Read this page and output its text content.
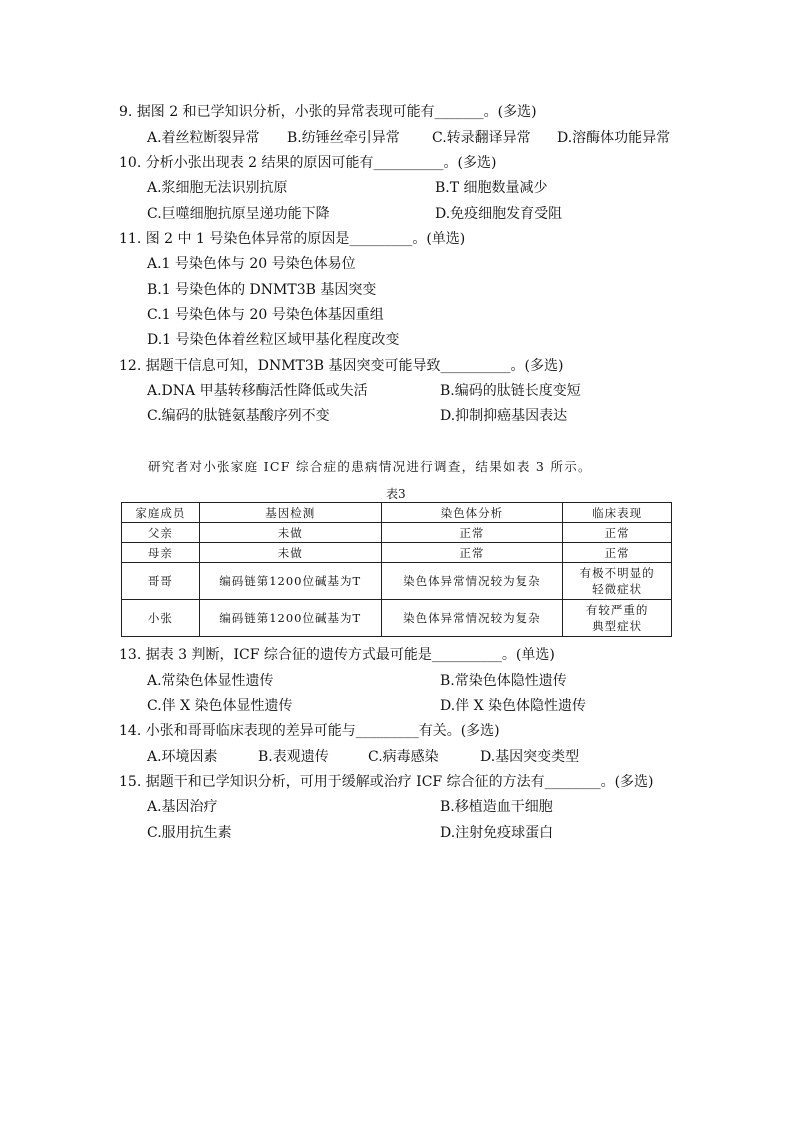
9. 据图 2 和已学知识分析，小张的异常表现可能有_______。(多选)
A.着丝粒断裂异常 B.纺锤丝牵引异常 C.转录翻译异常 D.溶酶体功能异常
10. 分析小张出现表 2 结果的原因可能有__________。(多选)
A.浆细胞无法识别抗原	B.T 细胞数量减少
C.巨噬细胞抗原呈递功能下降	D.免疫细胞发育受阻
11. 图 2 中 1 号染色体异常的原因是_________。(单选)
A.1 号染色体与 20 号染色体易位
B.1 号染色体的 DNMT3B 基因突变
C.1 号染色体与 20 号染色体基因重组
D.1 号染色体着丝粒区域甲基化程度改变
12. 据题干信息可知，DNMT3B 基因突变可能导致__________。(多选)
A.DNA 甲基转移酶活性降低或失活	B.编码的肽链长度变短
C.编码的肽链氨基酸序列不变	D.抑制抑癌基因表达
研究者对小张家庭 ICF 综合症的患病情况进行调查，结果如表 3 所示。
表3
家庭成员	基因检测	染色体分析	临床表现
父亲	未做	正常	正常
母亲	未做	正常	正常
哥哥	编码链第1200位碱基为T	染色体异常情况较为复杂	有极不明显的
轻微症状

小张	编码链第1200位碱基为T	染色体异常情况较为复杂	有较严重的
典型症状
13. 据表 3 判断，ICF 综合征的遗传方式最可能是__________。(单选)
A.常染色体显性遗传	B.常染色体隐性遗传
C.伴 X 染色体显性遗传	D.伴 X 染色体隐性遗传
14. 小张和哥哥临床表现的差异可能与_________有关。(多选)
A.环境因素	B.表观遗传	C.病毒感染	D.基因突变类型
15. 据题干和已学知识分析，可用于缓解或治疗 ICF 综合征的方法有________。(多选)
A.基因治疗	B.移植造血干细胞
C.服用抗生素	D.注射免疫球蛋白
